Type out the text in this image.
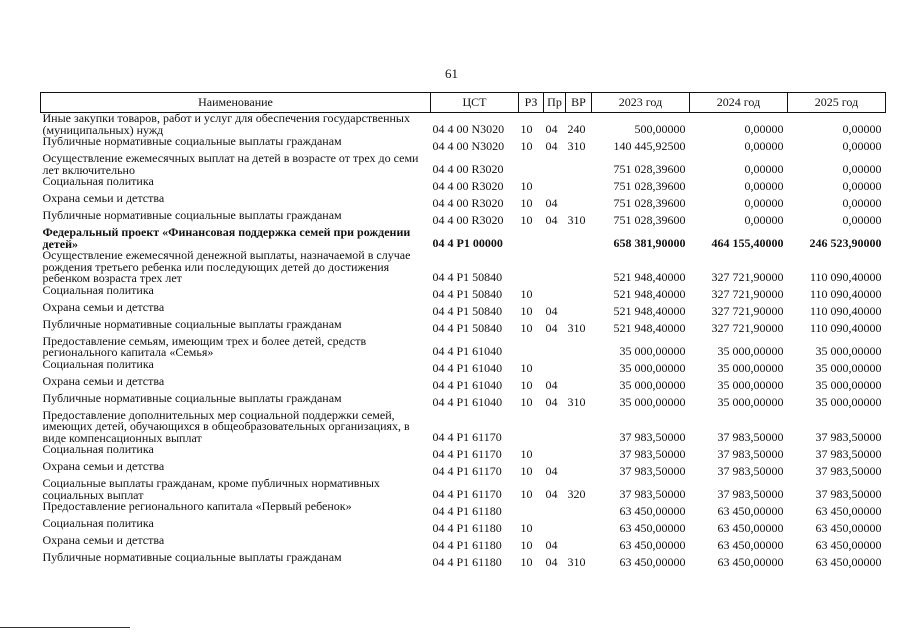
61
Наименование	ЦСТ	РЗ	Пр	ВР	2023 год	2024 год	2025 год
Иные закупки товаров, работ и услуг для обеспечения государственных (муниципальных) нужд	04 4 00 N3020	10	04	240	500,00000	0,00000	0,00000
Публичные нормативные социальные выплаты гражданам	04 4 00 N3020	10	04	310	140 445,92500	0,00000	0,00000
Осуществление ежемесячных выплат на детей в возрасте от трех до семи лет включительно	04 4 00 R3020				751 028,39600	0,00000	0,00000
Социальная политика	04 4 00 R3020	10			751 028,39600	0,00000	0,00000
Охрана семьи и детства	04 4 00 R3020	10	04		751 028,39600	0,00000	0,00000
Публичные нормативные социальные выплаты гражданам	04 4 00 R3020	10	04	310	751 028,39600	0,00000	0,00000
Федеральный проект «Финансовая поддержка семей при рождении детей»	04 4 P1 00000				658 381,90000	464 155,40000	246 523,90000
Осуществление ежемесячной денежной выплаты, назначаемой в случае рождения третьего ребенка или последующих детей до достижения ребенком возраста трех лет	04 4 P1 50840				521 948,40000	327 721,90000	110 090,40000
Социальная политика	04 4 P1 50840	10			521 948,40000	327 721,90000	110 090,40000
Охрана семьи и детства	04 4 P1 50840	10	04		521 948,40000	327 721,90000	110 090,40000
Публичные нормативные социальные выплаты гражданам	04 4 P1 50840	10	04	310	521 948,40000	327 721,90000	110 090,40000
Предоставление семьям, имеющим трех и более детей, средств регионального капитала «Семья»	04 4 P1 61040				35 000,00000	35 000,00000	35 000,00000
Социальная политика	04 4 P1 61040	10			35 000,00000	35 000,00000	35 000,00000
Охрана семьи и детства	04 4 P1 61040	10	04		35 000,00000	35 000,00000	35 000,00000
Публичные нормативные социальные выплаты гражданам	04 4 P1 61040	10	04	310	35 000,00000	35 000,00000	35 000,00000
Предоставление дополнительных мер социальной поддержки семей, имеющих детей, обучающихся в общеобразовательных организациях, в виде компенсационных выплат	04 4 P1 61170				37 983,50000	37 983,50000	37 983,50000
Социальная политика	04 4 P1 61170	10			37 983,50000	37 983,50000	37 983,50000
Охрана семьи и детства	04 4 P1 61170	10	04		37 983,50000	37 983,50000	37 983,50000
Социальные выплаты гражданам, кроме публичных нормативных социальных выплат	04 4 P1 61170	10	04	320	37 983,50000	37 983,50000	37 983,50000
Предоставление регионального капитала «Первый ребенок»	04 4 P1 61180				63 450,00000	63 450,00000	63 450,00000
Социальная политика	04 4 P1 61180	10			63 450,00000	63 450,00000	63 450,00000
Охрана семьи и детства	04 4 P1 61180	10	04		63 450,00000	63 450,00000	63 450,00000
Публичные нормативные социальные выплаты гражданам	04 4 P1 61180	10	04	310	63 450,00000	63 450,00000	63 450,00000
